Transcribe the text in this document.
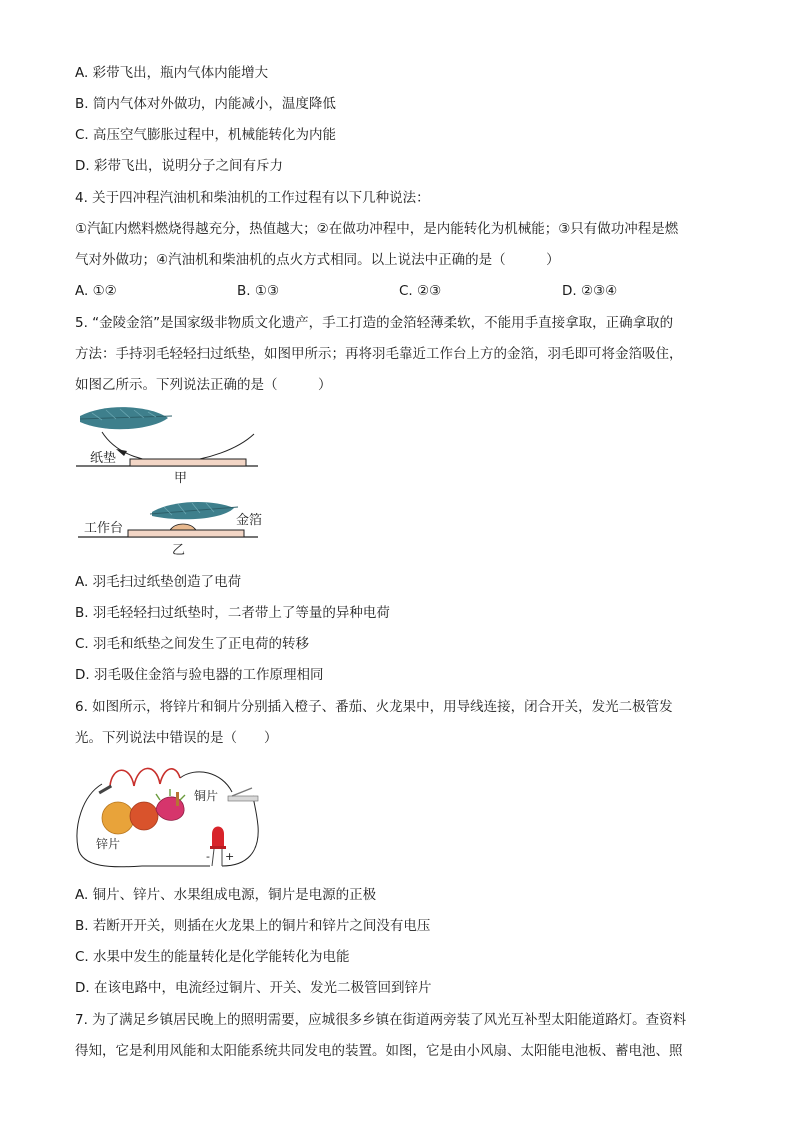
A. 彩带飞出，瓶内气体内能增大
B. 筒内气体对外做功，内能减小，温度降低
C. 高压空气膨胀过程中，机械能转化为内能
D. 彩带飞出，说明分子之间有斥力
4. 关于四冲程汽油机和柴油机的工作过程有以下几种说法：
①汽缸内燃料燃烧得越充分，热值越大；②在做功冲程中，是内能转化为机械能；③只有做功冲程是燃
气对外做功；④汽油机和柴油机的点火方式相同。以上说法中正确的是（　　　）
A. ①②	B. ①③	C. ②③	D. ②③④
5. “金陵金箔”是国家级非物质文化遗产，手工打造的金箔轻薄柔软，不能用手直接拿取，正确拿取的
方法：手持羽毛轻轻扫过纸垫，如图甲所示；再将羽毛靠近工作台上方的金箔，羽毛即可将金箔吸住，
如图乙所示。下列说法正确的是（　　　）
纸垫
甲
工作台
金箔
乙
A. 羽毛扫过纸垫创造了电荷
B. 羽毛轻轻扫过纸垫时，二者带上了等量的异种电荷
C. 羽毛和纸垫之间发生了正电荷的转移
D. 羽毛吸住金箔与验电器的工作原理相同
6. 如图所示，将锌片和铜片分别插入橙子、番茄、火龙果中，用导线连接，闭合开关，发光二极管发
光。下列说法中错误的是（　　）
铜片
锌片
- +
A. 铜片、锌片、水果组成电源，铜片是电源的正极
B. 若断开开关，则插在火龙果上的铜片和锌片之间没有电压
C. 水果中发生的能量转化是化学能转化为电能
D. 在该电路中，电流经过铜片、开关、发光二极管回到锌片
7. 为了满足乡镇居民晚上的照明需要，应城很多乡镇在街道两旁装了风光互补型太阳能道路灯。查资料
得知，它是利用风能和太阳能系统共同发电的装置。如图，它是由小风扇、太阳能电池板、蓄电池、照
